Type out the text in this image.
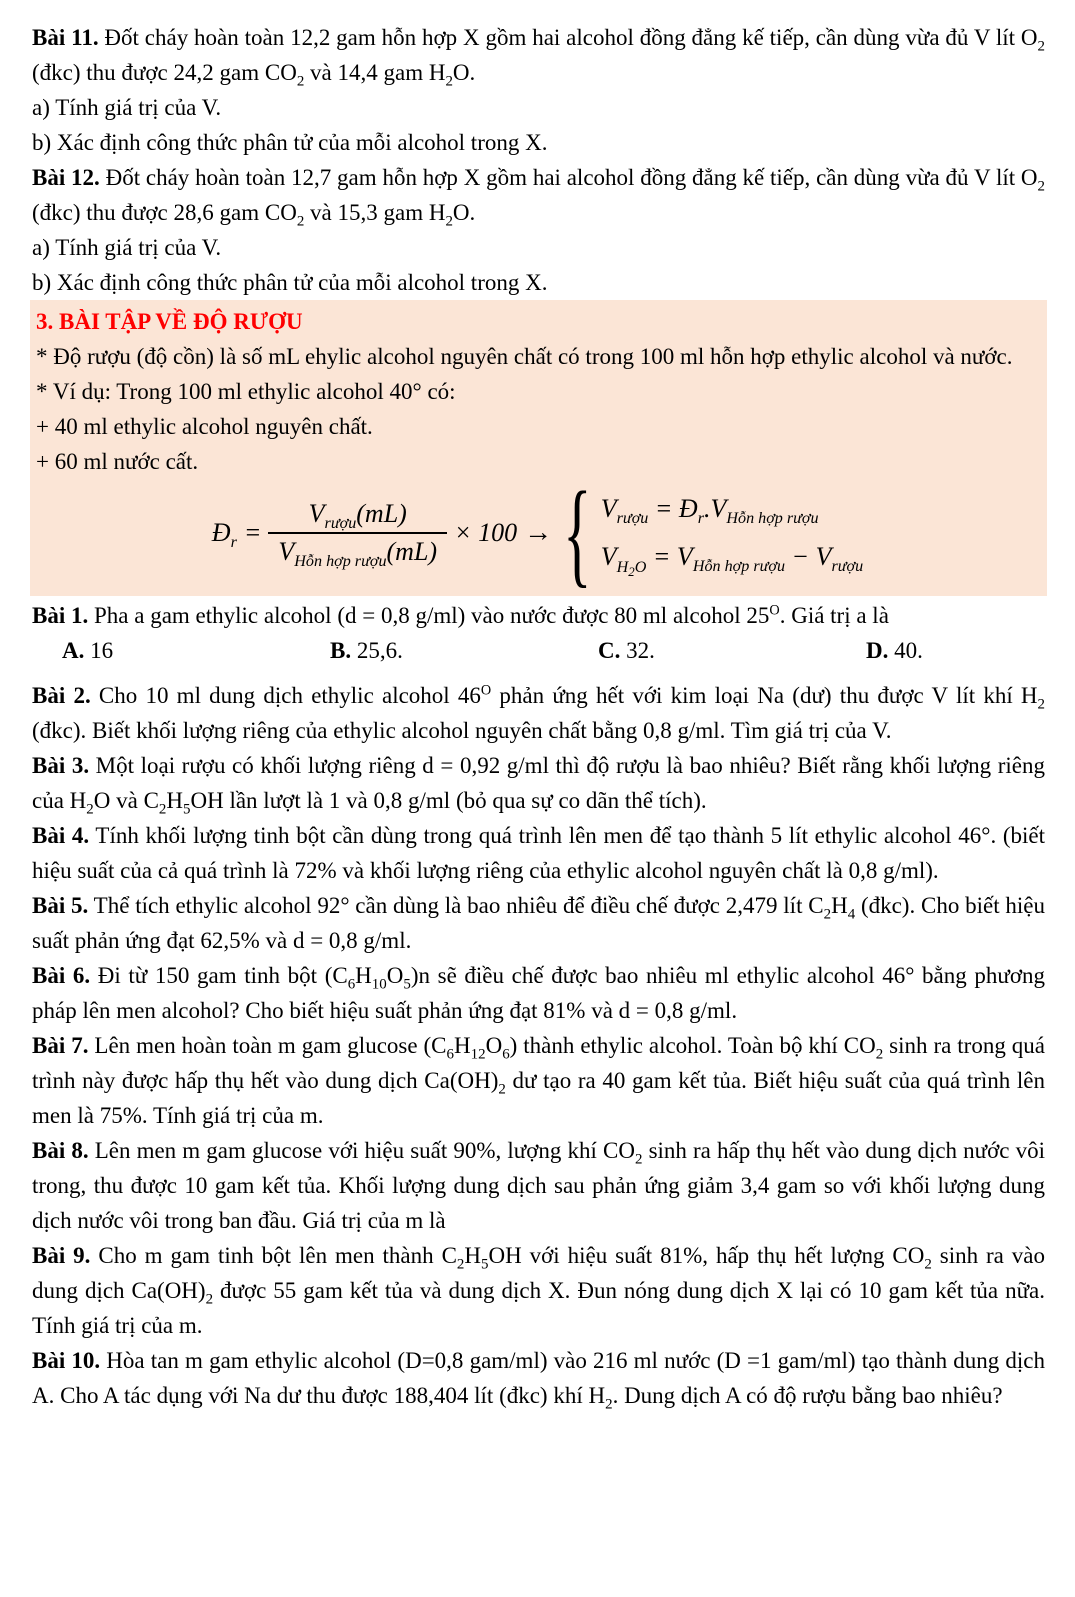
Bài 11. Đốt cháy hoàn toàn 12,2 gam hỗn hợp X gồm hai alcohol đồng đẳng kế tiếp, cần dùng vừa đủ V lít $O_2$ (đkc) thu được 24,2 gam $CO_2$ và 14,4 gam $H_2O$.

a) Tính giá trị của V.

b) Xác định công thức phân tử của mỗi alcohol trong X.

Bài 12. Đốt cháy hoàn toàn 12,7 gam hỗn hợp X gồm hai alcohol đồng đẳng kế tiếp, cần dùng vừa đủ V lít $O_2$ (đkc) thu được 28,6 gam $CO_2$ và 15,3 gam $H_2O$.

a) Tính giá trị của V.

b) Xác định công thức phân tử của mỗi alcohol trong X.

3. BÀI TẬP VỀ ĐỘ RƯỢU

* Độ rượu (độ cồn) là số mL ehylic alcohol nguyên chất có trong 100 ml hỗn hợp ethylic alcohol và nước.

* Ví dụ: Trong 100 ml ethylic alcohol 40° có:

+ 40 ml ethylic alcohol nguyên chất.

+ 60 ml nước cất.

$Đ_r = \frac{V_{rượu}(mL)}{V_{Hỗn hợp rượu}(mL)} \times 100$ → { $V_{rượu}$ = $Đ_r.V_{Hỗn hợp rượu}$
$V_{H_2O} = V_{Hỗn hợp rượu} - V_{rượu}$

Bài 1. Pha a gam ethylic alcohol (d = 0,8 g/ml) vào nước được 80 ml alcohol $25^O$. Giá trị a là

A. 16	B. 25,6.	C. 32.	D. 40.

Bài 2. Cho 10 ml dung dịch ethylic alcohol $46^O$ phản ứng hết với kim loại Na (dư) thu được V lít khí $H_2$ (đkc). Biết khối lượng riêng của ethylic alcohol nguyên chất bằng 0,8 g/ml. Tìm giá trị của V.

Bài 3. Một loại rượu có khối lượng riêng d = 0,92 g/ml thì độ rượu là bao nhiêu? Biết rằng khối lượng riêng của $H_2O$ và $C_2H_5OH$ lần lượt là 1 và 0,8 g/ml (bỏ qua sự co dãn thể tích).

Bài 4. Tính khối lượng tinh bột cần dùng trong quá trình lên men để tạo thành 5 lít ethylic alcohol 46°. (biết hiệu suất của cả quá trình là 72% và khối lượng riêng của ethylic alcohol nguyên chất là 0,8 g/ml).

Bài 5. Thể tích ethylic alcohol 92° cần dùng là bao nhiêu để điều chế được 2,479 lít $C_2H_4$ (đkc). Cho biết hiệu suất phản ứng đạt 62,5% và d = 0,8 g/ml.

Bài 6. Đi từ 150 gam tinh bột $(C_6H_{10}O_5)n$ sẽ điều chế được bao nhiêu ml ethylic alcohol 46° bằng phương pháp lên men alcohol? Cho biết hiệu suất phản ứng đạt 81% và d = 0,8 g/ml.

Bài 7. Lên men hoàn toàn m gam glucose $(C_6H_{12}O_6)$ thành ethylic alcohol. Toàn bộ khí $CO_2$ sinh ra trong quá trình này được hấp thụ hết vào dung dịch $Ca(OH)_2$ dư tạo ra 40 gam kết tủa. Biết hiệu suất của quá trình lên men là 75%. Tính giá trị của m.

Bài 8. Lên men m gam glucose với hiệu suất 90%, lượng khí $CO_2$ sinh ra hấp thụ hết vào dung dịch nước vôi trong, thu được 10 gam kết tủa. Khối lượng dung dịch sau phản ứng giảm 3,4 gam so với khối lượng dung dịch nước vôi trong ban đầu. Giá trị của m là

Bài 9. Cho m gam tinh bột lên men thành $C_2H_5OH$ với hiệu suất 81%, hấp thụ hết lượng $CO_2$ sinh ra vào dung dịch $Ca(OH)_2$ được 55 gam kết tủa và dung dịch X. Đun nóng dung dịch X lại có 10 gam kết tủa nữa. Tính giá trị của m.

Bài 10. Hòa tan m gam ethylic alcohol (D=0,8 gam/ml) vào 216 ml nước (D =1 gam/ml) tạo thành dung dịch A. Cho A tác dụng với Na dư thu được 188,404 lít (đkc) khí $H_2$. Dung dịch A có độ rượu bằng bao nhiêu?
